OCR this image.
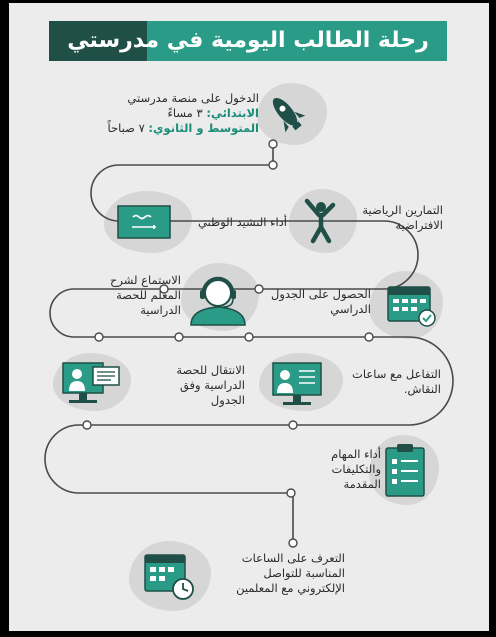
رحلة الطالب اليومية في مدرستي
الدخول على منصة مدرستي
الابتدائي: ٣ مساءً
المتوسط و الثانوي: ٧ صباحاً
التمارين الرياضية
الافتراضية
أداء النشيد الوطني
الحصول على الجدول
الدراسي
الاستماع لشرح
المعلم للحصة
الدراسية
التفاعل مع ساعات
النقاش.
الانتقال للحصة
الدراسية وفق
الجدول
أداء المهام
والتكليفات
المقدمة
التعرف على الساعات
المناسبة للتواصل
الإلكتروني مع المعلمين
